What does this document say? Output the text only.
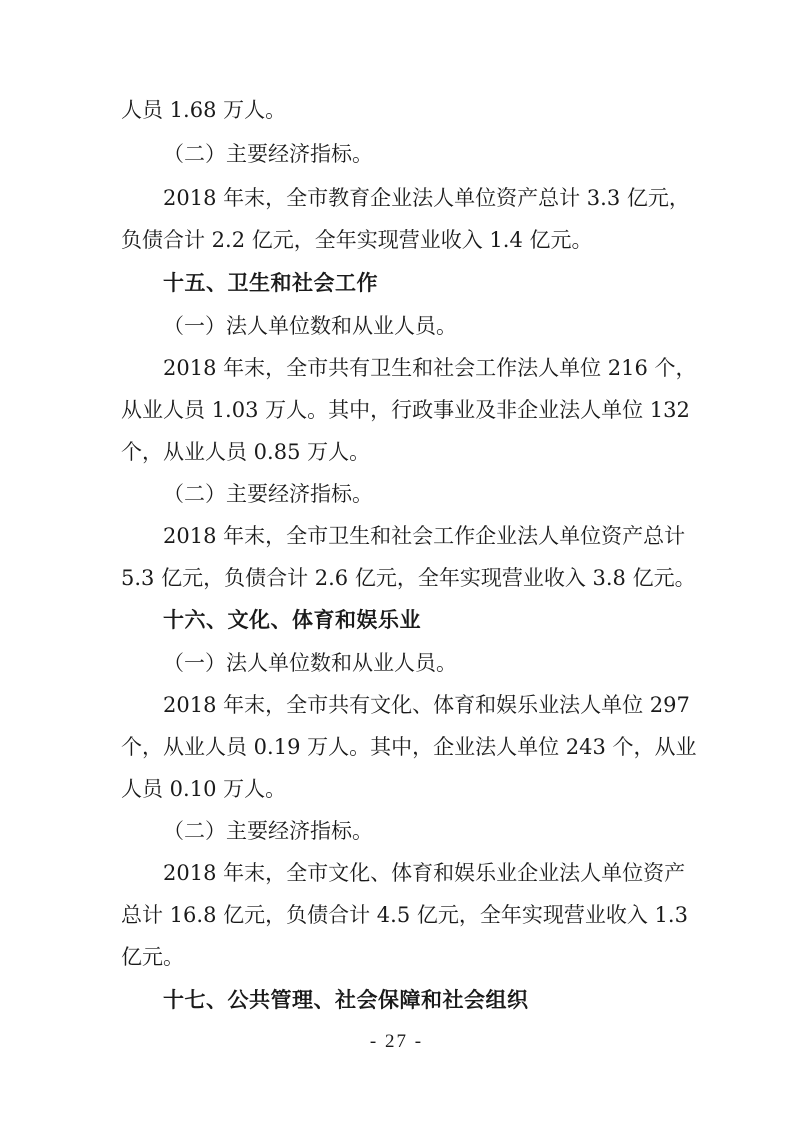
人员 1.68 万人。
（二）主要经济指标。
2018 年末，全市教育企业法人单位资产总计 3.3 亿元，
负债合计 2.2 亿元，全年实现营业收入 1.4 亿元。
十五、卫生和社会工作
（一）法人单位数和从业人员。
2018 年末，全市共有卫生和社会工作法人单位 216 个，
从业人员 1.03 万人。其中，行政事业及非企业法人单位 132
个，从业人员 0.85 万人。
（二）主要经济指标。
2018 年末，全市卫生和社会工作企业法人单位资产总计
5.3 亿元，负债合计 2.6 亿元，全年实现营业收入 3.8 亿元。
十六、文化、体育和娱乐业
（一）法人单位数和从业人员。
2018 年末，全市共有文化、体育和娱乐业法人单位 297
个，从业人员 0.19 万人。其中，企业法人单位 243 个，从业
人员 0.10 万人。
（二）主要经济指标。
2018 年末，全市文化、体育和娱乐业企业法人单位资产
总计 16.8 亿元，负债合计 4.5 亿元，全年实现营业收入 1.3
亿元。
十七、公共管理、社会保障和社会组织
- 27 -
